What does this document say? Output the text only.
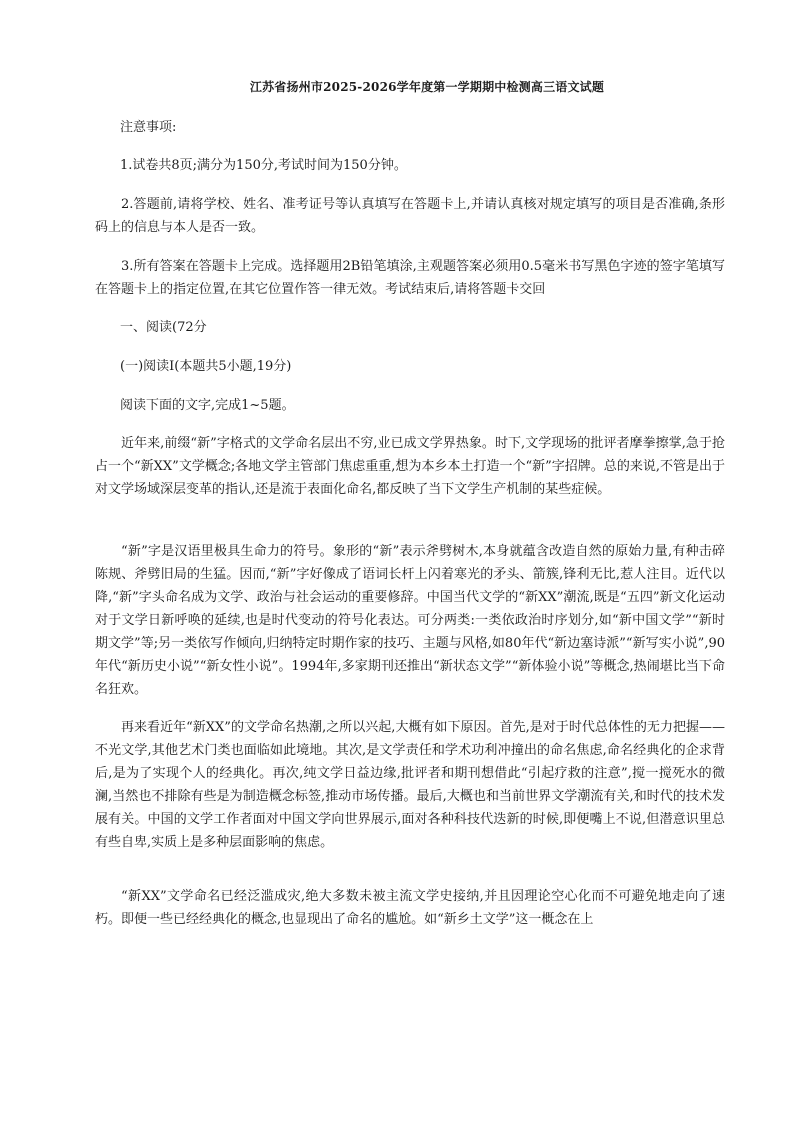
江苏省扬州市2025-2026学年度第一学期期中检测高三语文试题
注意事项:
1.试卷共8页;满分为150分,考试时间为150分钟。
2.答题前,请将学校、姓名、准考证号等认真填写在答题卡上,并请认真核对规定填写的项目是否准确,条形码上的信息与本人是否一致。
3.所有答案在答题卡上完成。选择题用2B铅笔填涂,主观题答案必须用0.5毫米书写黑色字迹的签字笔填写在答题卡上的指定位置,在其它位置作答一律无效。考试结束后,请将答题卡交回
一、阅读(72分
(一)阅读Ⅰ(本题共5小题,19分)
阅读下面的文字,完成1~5题。
近年来,前缀“新”字格式的文学命名层出不穷,业已成文学界热象。时下,文学现场的批评者摩拳擦掌,急于抢占一个“新XX”文学概念;各地文学主管部门焦虑重重,想为本乡本土打造一个“新”字招牌。总的来说,不管是出于对文学场域深层变革的指认,还是流于表面化命名,都反映了当下文学生产机制的某些症候。
“新”字是汉语里极具生命力的符号。象形的“新”表示斧劈树木,本身就蕴含改造自然的原始力量,有种击碎陈规、斧劈旧局的生猛。因而,“新”字好像成了语词长杆上闪着寒光的矛头、箭簇,锋利无比,惹人注目。近代以降,“新”字头命名成为文学、政治与社会运动的重要修辞。中国当代文学的“新XX”潮流,既是“五四”新文化运动对于文学日新呼唤的延续,也是时代变动的符号化表达。可分两类:一类依政治时序划分,如“新中国文学”“新时期文学”等;另一类依写作倾向,归纳特定时期作家的技巧、主题与风格,如80年代“新边塞诗派”“新写实小说”,90年代“新历史小说”“新女性小说”。1994年,多家期刊还推出“新状态文学”“新体验小说”等概念,热闹堪比当下命名狂欢。
再来看近年“新XX”的文学命名热潮,之所以兴起,大概有如下原因。首先,是对于时代总体性的无力把握——不光文学,其他艺术门类也面临如此境地。其次,是文学责任和学术功利冲撞出的命名焦虑,命名经典化的企求背后,是为了实现个人的经典化。再次,纯文学日益边缘,批评者和期刊想借此“引起疗救的注意”,搅一搅死水的微澜,当然也不排除有些是为制造概念标签,推动市场传播。最后,大概也和当前世界文学潮流有关,和时代的技术发展有关。中国的文学工作者面对中国文学向世界展示,面对各种科技代迭新的时候,即便嘴上不说,但潜意识里总有些自卑,实质上是多种层面影响的焦虑。
“新XX”文学命名已经泛滥成灾,绝大多数未被主流文学史接纳,并且因理论空心化而不可避免地走向了速朽。即便一些已经经典化的概念,也显现出了命名的尴尬。如“新乡土文学”这一概念在上
